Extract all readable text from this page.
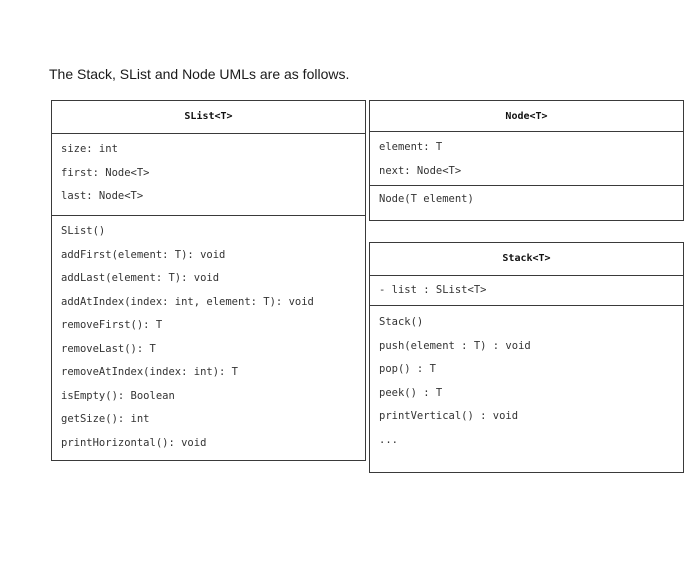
The Stack, SList and Node UMLs are as follows.
SList<T>
size: int
first: Node<T>
last: Node<T>
SList()
addFirst(element: T): void
addLast(element: T): void
addAtIndex(index: int, element: T): void
removeFirst(): T
removeLast(): T
removeAtIndex(index: int): T
isEmpty(): Boolean
getSize(): int
printHorizontal(): void
Node<T>
element: T
next: Node<T>
Node(T element)
Stack<T>
- list : SList<T>
Stack()
push(element : T) : void
pop() : T
peek() : T
printVertical() : void
...
